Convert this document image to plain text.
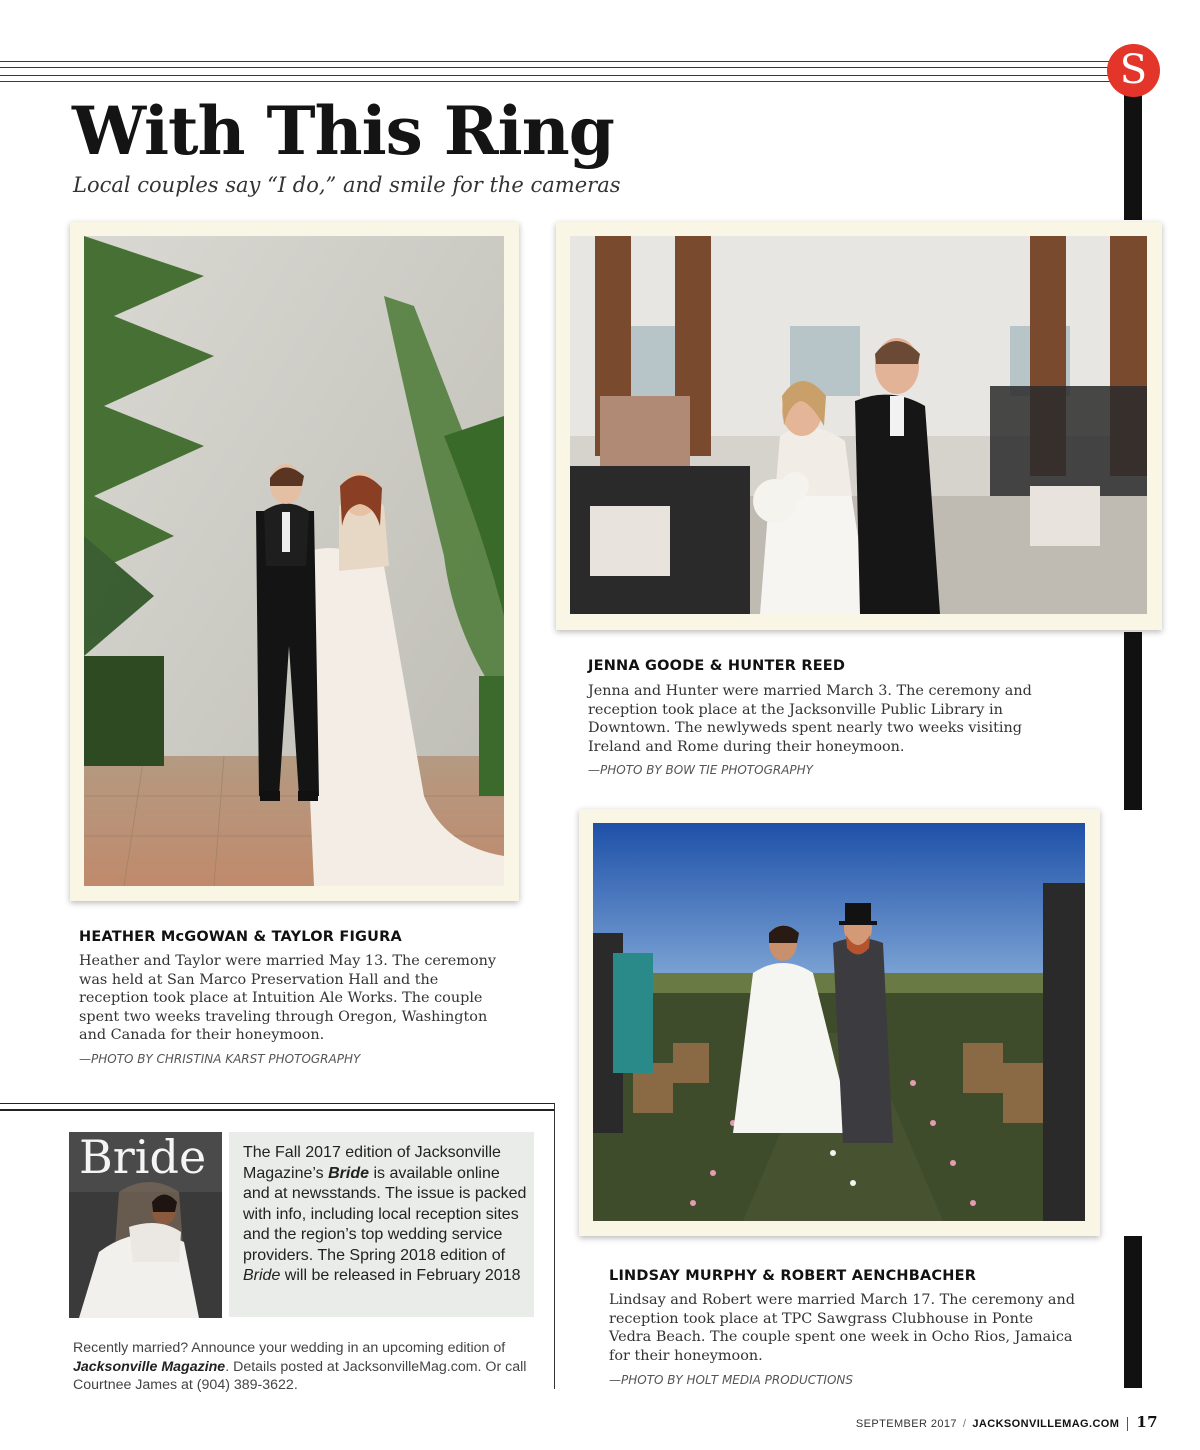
S
With This Ring
Local couples say “I do,” and smile for the cameras
HEATHER McGOWAN & TAYLOR FIGURA
Heather and Taylor were married May 13. The ceremony was held at San Marco Preservation Hall and the reception took place at Intuition Ale Works. The couple spent two weeks traveling through Oregon, Washington and Canada for their honeymoon.
—PHOTO BY CHRISTINA KARST PHOTOGRAPHY
JENNA GOODE & HUNTER REED
Jenna and Hunter were married March 3. The ceremony and reception took place at the Jacksonville Public Library in Downtown. The newlyweds spent nearly two weeks visiting Ireland and Rome during their honeymoon.
—PHOTO BY BOW TIE PHOTOGRAPHY
LINDSAY MURPHY & ROBERT AENCHBACHER
Lindsay and Robert were married March 17. The ceremony and reception took place at TPC Sawgrass Clubhouse in Ponte Vedra Beach. The couple spent one week in Ocho Rios, Jamaica for their honeymoon.
—PHOTO BY HOLT MEDIA PRODUCTIONS
Bride The Fall 2017 edition of Jacksonville Magazine’s Bride is available online and at newsstands. The issue is packed with info, including local reception sites and the region’s top wedding service providers. The Spring 2018 edition of Bride will be released in February 2018

Recently married? Announce your wedding in an upcoming edition of Jacksonville Magazine. Details posted at JacksonvilleMag.com. Or call Courtnee James at (904) 389-3622.

SEPTEMBER 2017 / JACKSONVILLEMAG.COM 17
